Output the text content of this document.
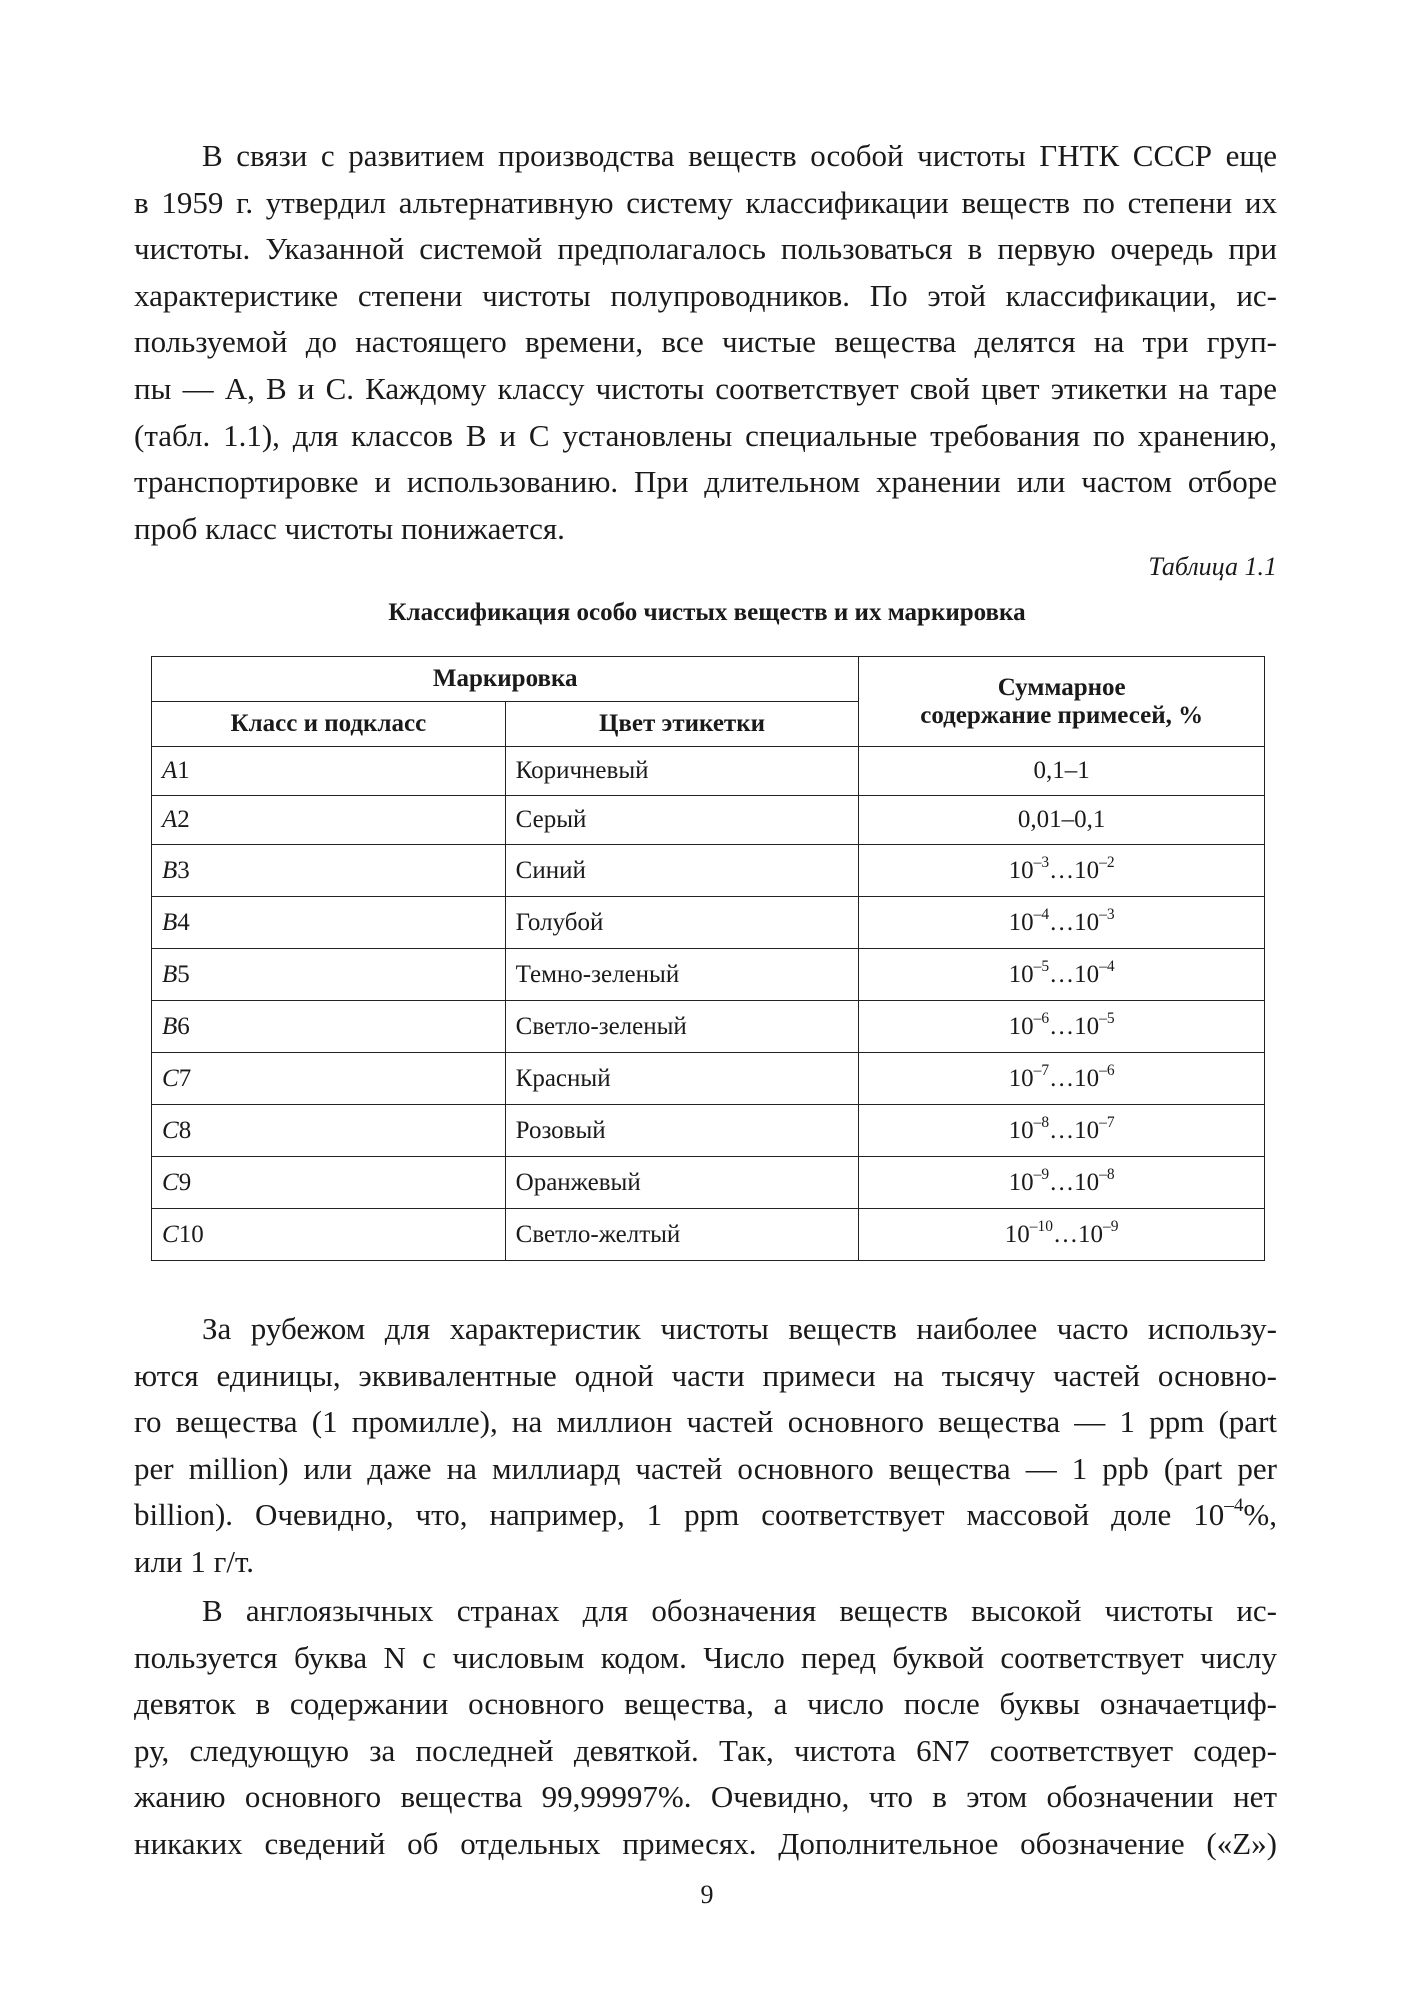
В связи с развитием производства веществ особой чистоты ГНТК СССР еще
в 1959 г. утвердил альтернативную систему классификации веществ по степени их
чистоты. Указанной системой предполагалось пользоваться в первую очередь при
характеристике степени чистоты полупроводников. По этой классификации, ис-
пользуемой до настоящего времени, все чистые вещества делятся на три груп-
пы — A, B и C. Каждому классу чистоты соответствует свой цвет этикетки на таре
(табл. 1.1), для классов B и C установлены специальные требования по хранению,
транспортировке и использованию. При длительном хранении или частом отборе
проб класс чистоты понижается.

Таблица 1.1

Классификация особо чистых веществ и их маркировка

Маркировка		Суммарное
содержание примесей, %
Класс и подкласс	Цвет этикетки	
A1	Коричневый	0,1–1
A2	Серый	0,01–0,1
B3	Синий	$10^{-3}\dots 10^{-2}$
B4	Голубой	$10^{-4}\dots 10^{-3}$
B5	Темно-зеленый	$10^{-5}\dots 10^{-4}$
B6	Светло-зеленый	$10^{-6}\dots 10^{-5}$
C7	Красный	$10^{-7}\dots 10^{-6}$
C8	Розовый	$10^{-8}\dots 10^{-7}$
C9	Оранжевый	$10^{-9}\dots 10^{-8}$
C10	Светло-желтый	$10^{-10}\dots 10^{-9}$
За рубежом для характеристик чистоты веществ наиболее часто использу-
ются единицы, эквивалентные одной части примеси на тысячу частей основно-
го вещества (1 промилле), на миллион частей основного вещества — 1 ppm (part
per million) или даже на миллиард частей основного вещества — 1 ppb (part per
billion). Очевидно, что, например, 1 ppm соответствует массовой доле $10^{-4}\%$,
или 1 г/т.
В англоязычных странах для обозначения веществ высокой чистоты ис-
пользуется буква N с числовым кодом. Число перед буквой соответствует числу
девяток в содержании основного вещества, а число после буквы означаетциф-
ру, следующую за последней девяткой. Так, чистота 6N7 соответствует содер-
жанию основного вещества 99,99997%. Очевидно, что в этом обозначении нет
никаких сведений об отдельных примесях. Дополнительное обозначение («Z»)

9
